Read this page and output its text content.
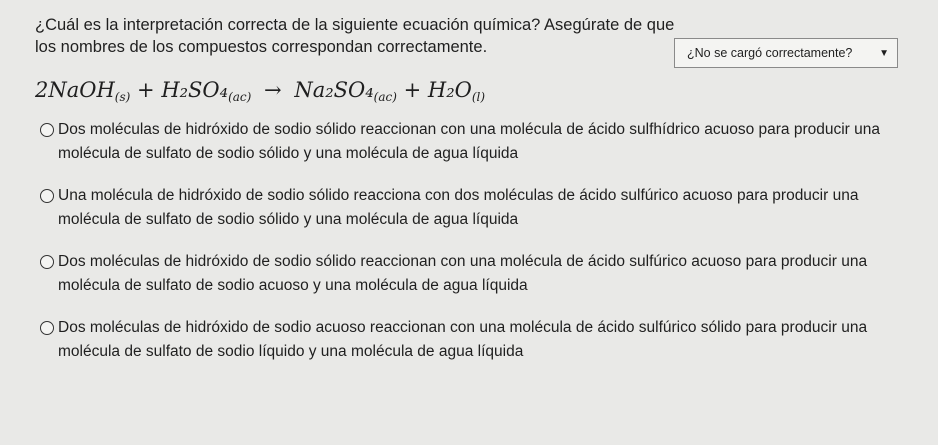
¿Cuál es la interpretación correcta de la siguiente ecuación química? Asegúrate de que los nombres de los compuestos correspondan correctamente.	¿No se cargó correctamente?	▼
2NaOH$_{(s)}$ + $H_2SO_4_{(ac)} \to Na_2SO_4_{(ac)} + H_2O_{(l)}$
Dos moléculas de hidróxido de sodio sólido reaccionan con una molécula de ácido sulfhídrico acuoso para producir una molécula de sulfato de sodio sólido y una molécula de agua líquida
Una molécula de hidróxido de sodio sólido reacciona con dos moléculas de ácido sulfúrico acuoso para producir una molécula de sulfato de sodio sólido y una molécula de agua líquida
Dos moléculas de hidróxido de sodio sólido reaccionan con una molécula de ácido sulfúrico acuoso para producir una molécula de sulfato de sodio acuoso y una molécula de agua líquida
Dos moléculas de hidróxido de sodio acuoso reaccionan con una molécula de ácido sulfúrico sólido para producir una molécula de sulfato de sodio líquido y una molécula de agua líquida
